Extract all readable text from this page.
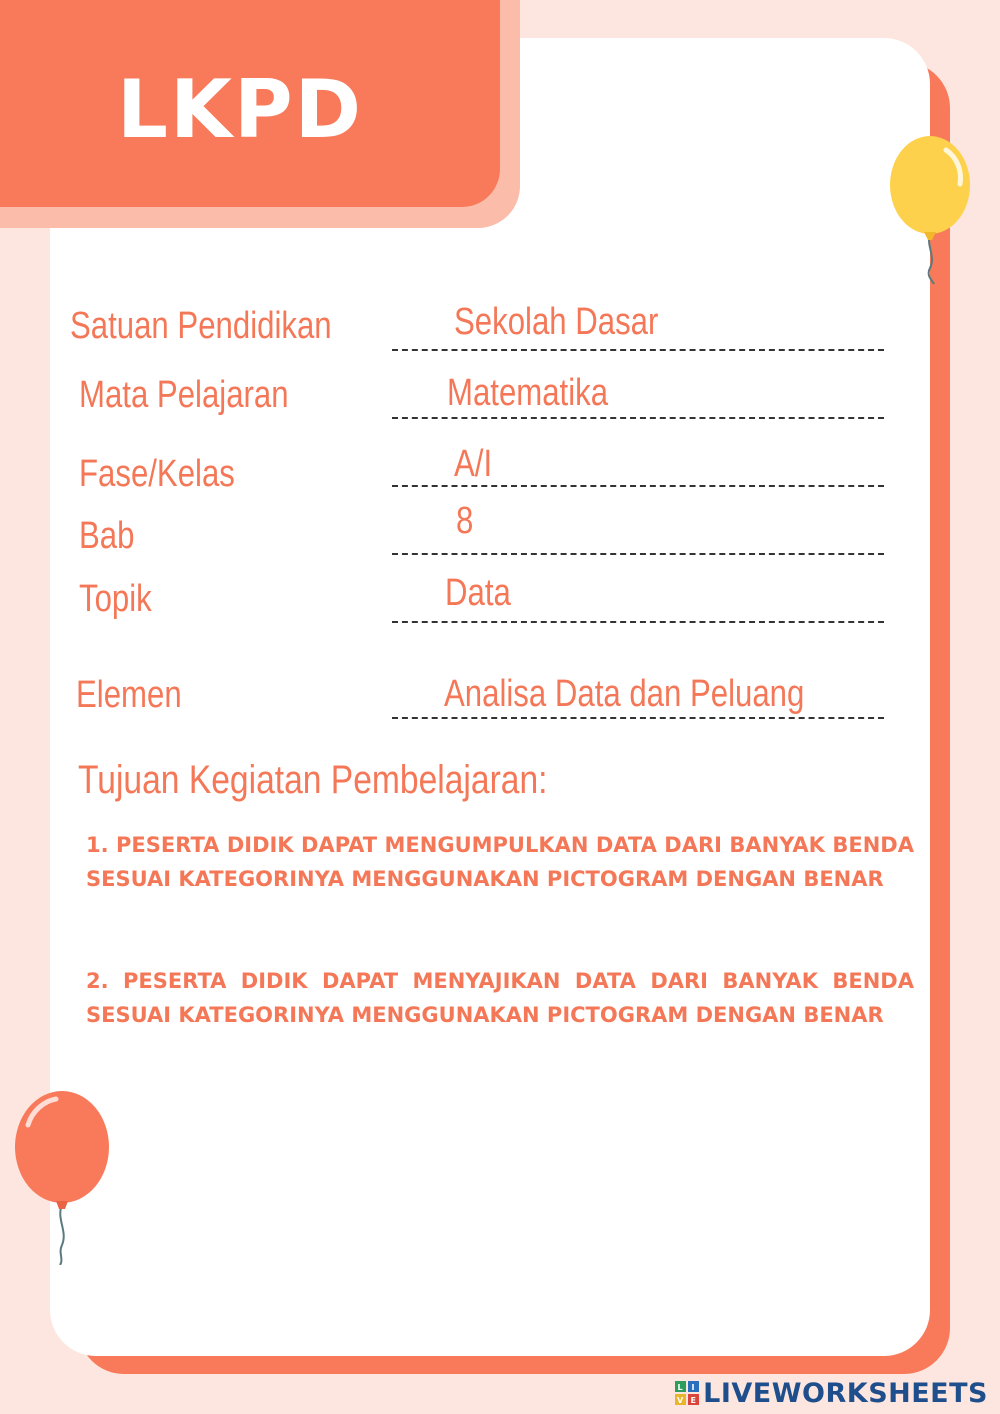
LKPD
Satuan Pendidikan	Sekolah Dasar
Mata Pelajaran	Matematika
Fase/Kelas	A/I
Bab	8
Topik	Data
Elemen	Analisa Data dan Peluang
Tujuan Kegiatan Pembelajaran:
1. PESERTA DIDIK DAPAT MENGUMPULKAN DATA DARI BANYAK BENDA SESUAI KATEGORINYA MENGGUNAKAN PICTOGRAM DENGAN BENAR
2. PESERTA DIDIK DAPAT MENYAJIKAN DATA DARI BANYAK BENDA SESUAI KATEGORINYA MENGGUNAKAN PICTOGRAM DENGAN BENAR
L I
V E LIVEWORKSHEETS
